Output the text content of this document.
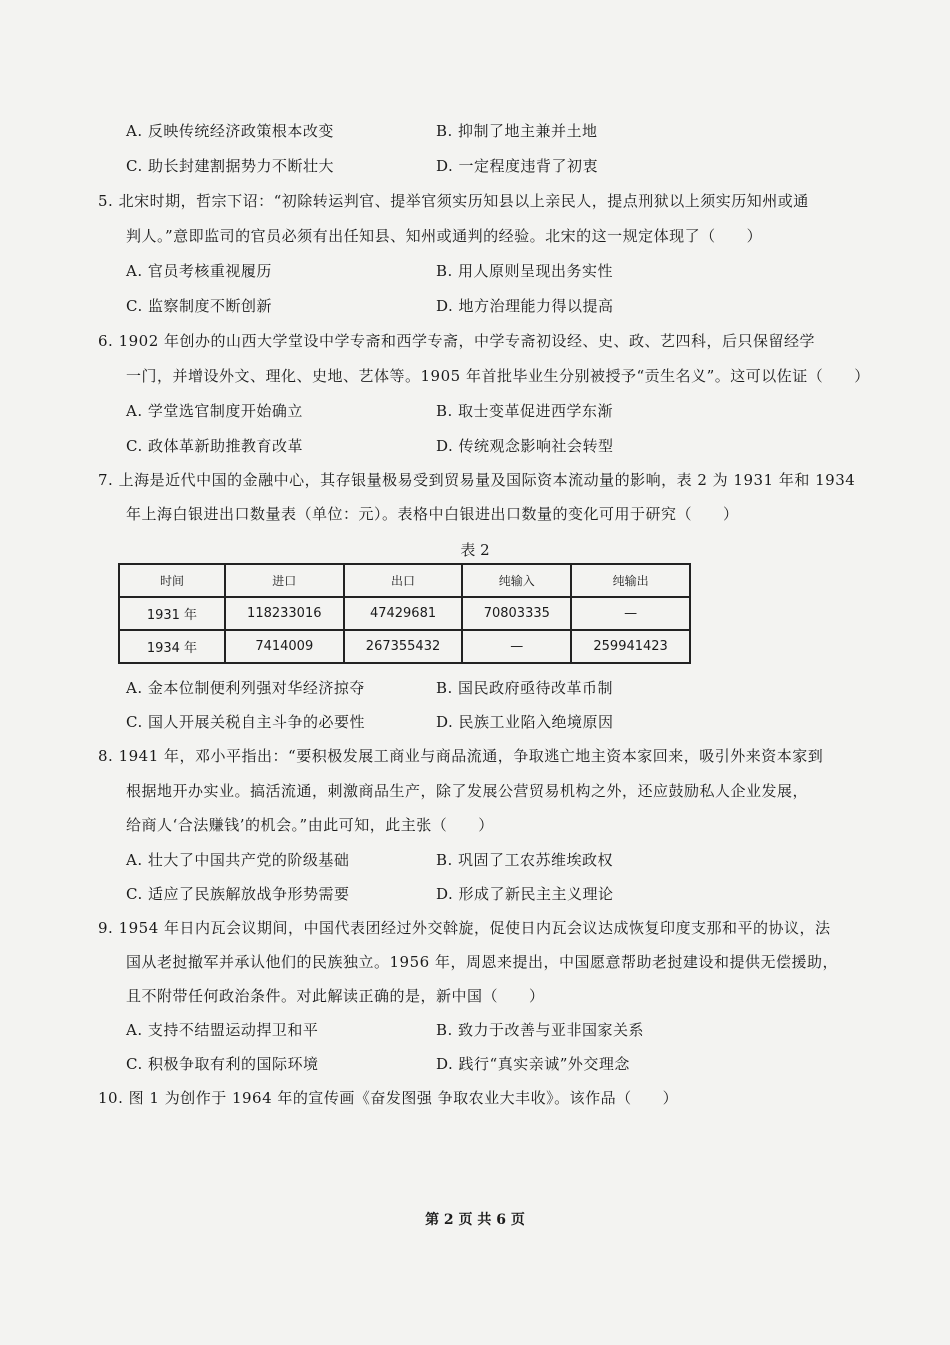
A. 反映传统经济政策根本改变	B. 抑制了地主兼并土地
C. 助长封建割据势力不断壮大	D. 一定程度违背了初衷
5. 北宋时期，哲宗下诏：“初除转运判官、提举官须实历知县以上亲民人，提点刑狱以上须实历知州或通
判人。”意即监司的官员必须有出任知县、知州或通判的经验。北宋的这一规定体现了（　　）
A. 官员考核重视履历	B. 用人原则呈现出务实性
C. 监察制度不断创新	D. 地方治理能力得以提高
6. 1902 年创办的山西大学堂设中学专斋和西学专斋，中学专斋初设经、史、政、艺四科，后只保留经学
一门，并增设外文、理化、史地、艺体等。1905 年首批毕业生分别被授予“贡生名义”。这可以佐证（　　）
A. 学堂选官制度开始确立	B. 取士变革促进西学东渐
C. 政体革新助推教育改革	D. 传统观念影响社会转型
7. 上海是近代中国的金融中心，其存银量极易受到贸易量及国际资本流动量的影响，表 2 为 1931 年和 1934
年上海白银进出口数量表（单位：元）。表格中白银进出口数量的变化可用于研究（　　）
表 2
时间	进口	出口	纯输入	纯输出
1931 年	118233016	47429681	70803335	—
1934 年	7414009	267355432	—	259941423
A. 金本位制便利列强对华经济掠夺	B. 国民政府亟待改革币制
C. 国人开展关税自主斗争的必要性	D. 民族工业陷入绝境原因
8. 1941 年，邓小平指出：“要积极发展工商业与商品流通，争取逃亡地主资本家回来，吸引外来资本家到
根据地开办实业。搞活流通，刺激商品生产，除了发展公营贸易机构之外，还应鼓励私人企业发展，
给商人‘合法赚钱’的机会。”由此可知，此主张（　　）
A. 壮大了中国共产党的阶级基础	B. 巩固了工农苏维埃政权
C. 适应了民族解放战争形势需要	D. 形成了新民主主义理论
9. 1954 年日内瓦会议期间，中国代表团经过外交斡旋，促使日内瓦会议达成恢复印度支那和平的协议，法
国从老挝撤军并承认他们的民族独立。1956 年，周恩来提出，中国愿意帮助老挝建设和提供无偿援助，
且不附带任何政治条件。对此解读正确的是，新中国（　　）
A. 支持不结盟运动捍卫和平	B. 致力于改善与亚非国家关系
C. 积极争取有利的国际环境	D. 践行“真实亲诚”外交理念
10. 图 1 为创作于 1964 年的宣传画《奋发图强 争取农业大丰收》。该作品（　　）
第 2 页 共 6 页
